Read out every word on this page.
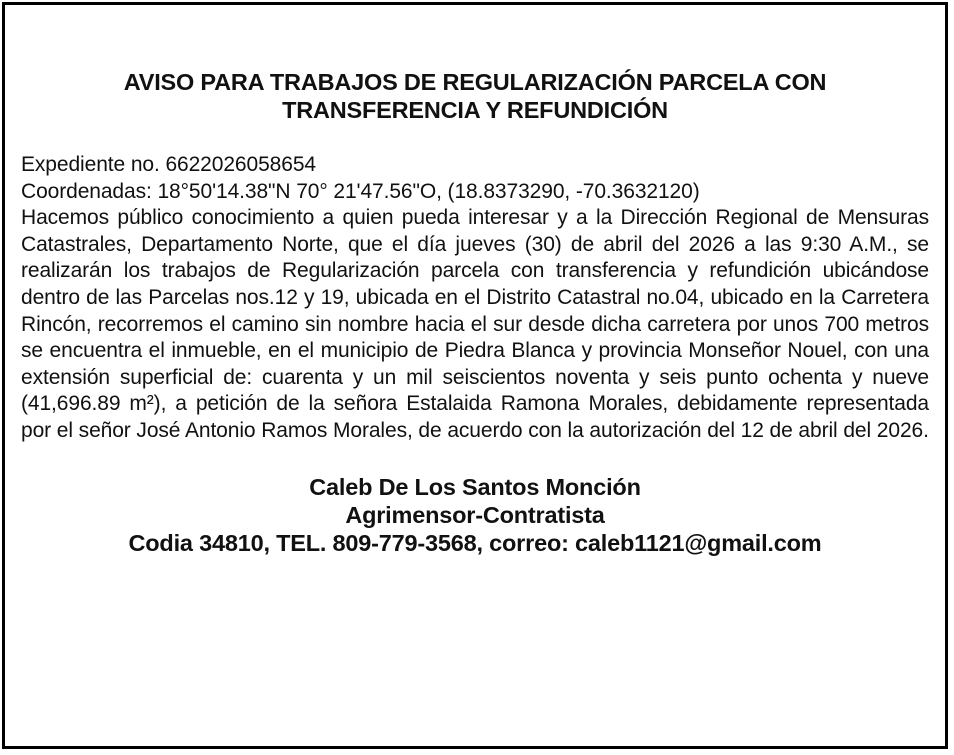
AVISO PARA TRABAJOS DE REGULARIZACIÓN PARCELA CON
TRANSFERENCIA Y REFUNDICIÓN
Expediente no. 6622026058654
Coordenadas: 18°50'14.38"N 70° 21'47.56"O, (18.8373290, -70.3632120)
Hacemos público conocimiento a quien pueda interesar y a la Dirección Regional de Mensuras Catastrales, Departamento Norte, que el día jueves (30) de abril del 2026 a las 9:30 A.M., se realizarán los trabajos de Regularización parcela con transferencia y refundición ubicándose dentro de las Parcelas nos.12 y 19, ubicada en el Distrito Catastral no.04, ubicado en la Carretera Rincón, recorremos el camino sin nombre hacia el sur desde dicha carretera por unos 700 metros se encuentra el inmueble, en el municipio de Piedra Blanca y provincia Monseñor Nouel, con una extensión superficial de: cuarenta y un mil seiscientos noventa y seis punto ochenta y nueve (41,696.89 m²), a petición de la señora Estalaida Ramona Morales, debidamente representada por el señor José Antonio Ramos Morales, de acuerdo con la autorización del 12 de abril del 2026.
Caleb De Los Santos Monción
Agrimensor-Contratista
Codia 34810, TEL. 809-779-3568, correo: caleb1121@gmail.com
